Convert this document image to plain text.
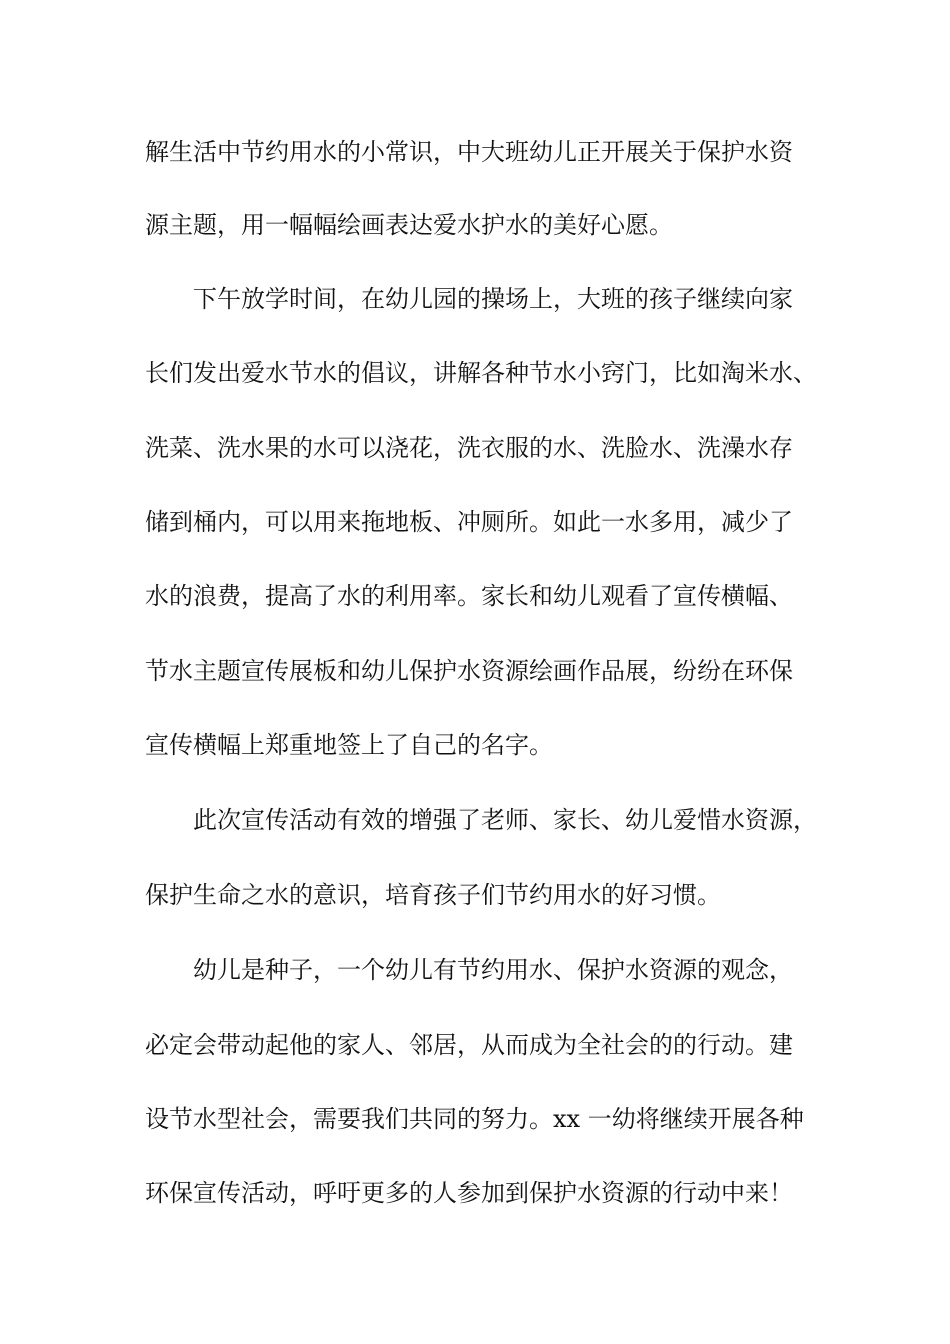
解生活中节约用水的小常识，中大班幼儿正开展关于保护水资
源主题，用一幅幅绘画表达爱水护水的美好心愿。
下午放学时间，在幼儿园的操场上，大班的孩子继续向家
长们发出爱水节水的倡议，讲解各种节水小窍门，比如淘米水、
洗菜、洗水果的水可以浇花，洗衣服的水、洗脸水、洗澡水存
储到桶内，可以用来拖地板、冲厕所。如此一水多用，减少了
水的浪费，提高了水的利用率。家长和幼儿观看了宣传横幅、
节水主题宣传展板和幼儿保护水资源绘画作品展，纷纷在环保
宣传横幅上郑重地签上了自己的名字。
此次宣传活动有效的增强了老师、家长、幼儿爱惜水资源，
保护生命之水的意识，培育孩子们节约用水的好习惯。
幼儿是种子，一个幼儿有节约用水、保护水资源的观念，
必定会带动起他的家人、邻居，从而成为全社会的的行动。建
设节水型社会，需要我们共同的努力。xx 一幼将继续开展各种
环保宣传活动，呼吁更多的人参加到保护水资源的行动中来！
